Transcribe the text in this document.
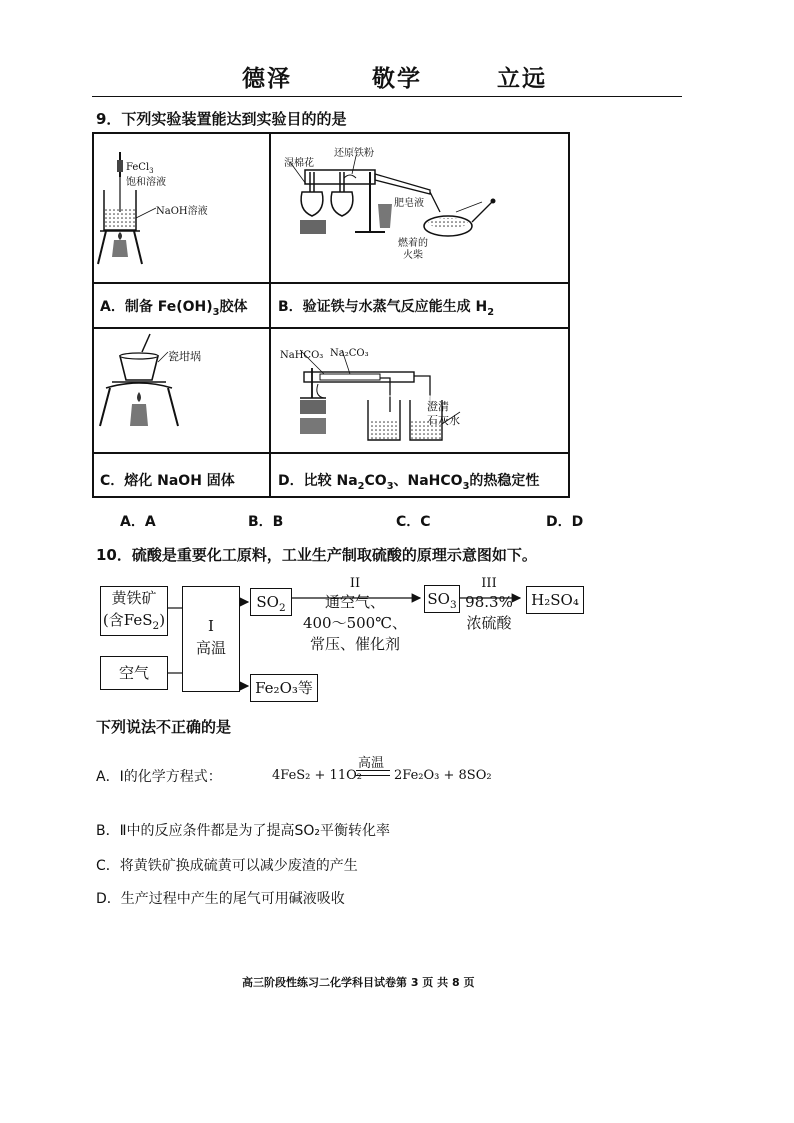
德泽	敬学	立远
9．下列实验装置能达到实验目的的是
FeCl$_3$
饱和溶液
NaOH溶液
湿棉花
还原铁粉
肥皂液
燃着的
火柴
A．制备 $Fe(OH)_3$胶体 B．验证铁与水蒸气反应能生成 $H_2$
瓷坩埚	NaHCO₃ Na₂CO₃
澄清
石灰水
C．熔化 NaOH 固体	D．比较 $Na_2CO_3$、NaHCO$_3$的热稳定性
A．A	B．B	C．C	D．D
10．硫酸是重要化工原料，工业生产制取硫酸的原理示意图如下。
黄铁矿
(含FeS$_2$)
空气
I
高温
$SO_2$
II
通空气、
400～500℃、
常压、催化剂
$SO_3$
III
98.3%
浓硫酸
H₂SO₄
Fe₂O₃等
下列说法不正确的是
A．Ⅰ的化学方程式：	4FeS₂ + 11O₂
高温
2Fe₂O₃ + 8SO₂
B．Ⅱ中的反应条件都是为了提高SO₂平衡转化率
C．将黄铁矿换成硫黄可以减少废渣的产生
D．生产过程中产生的尾气可用碱液吸收
高三阶段性练习二化学科目试卷第 3 页 共 8 页
